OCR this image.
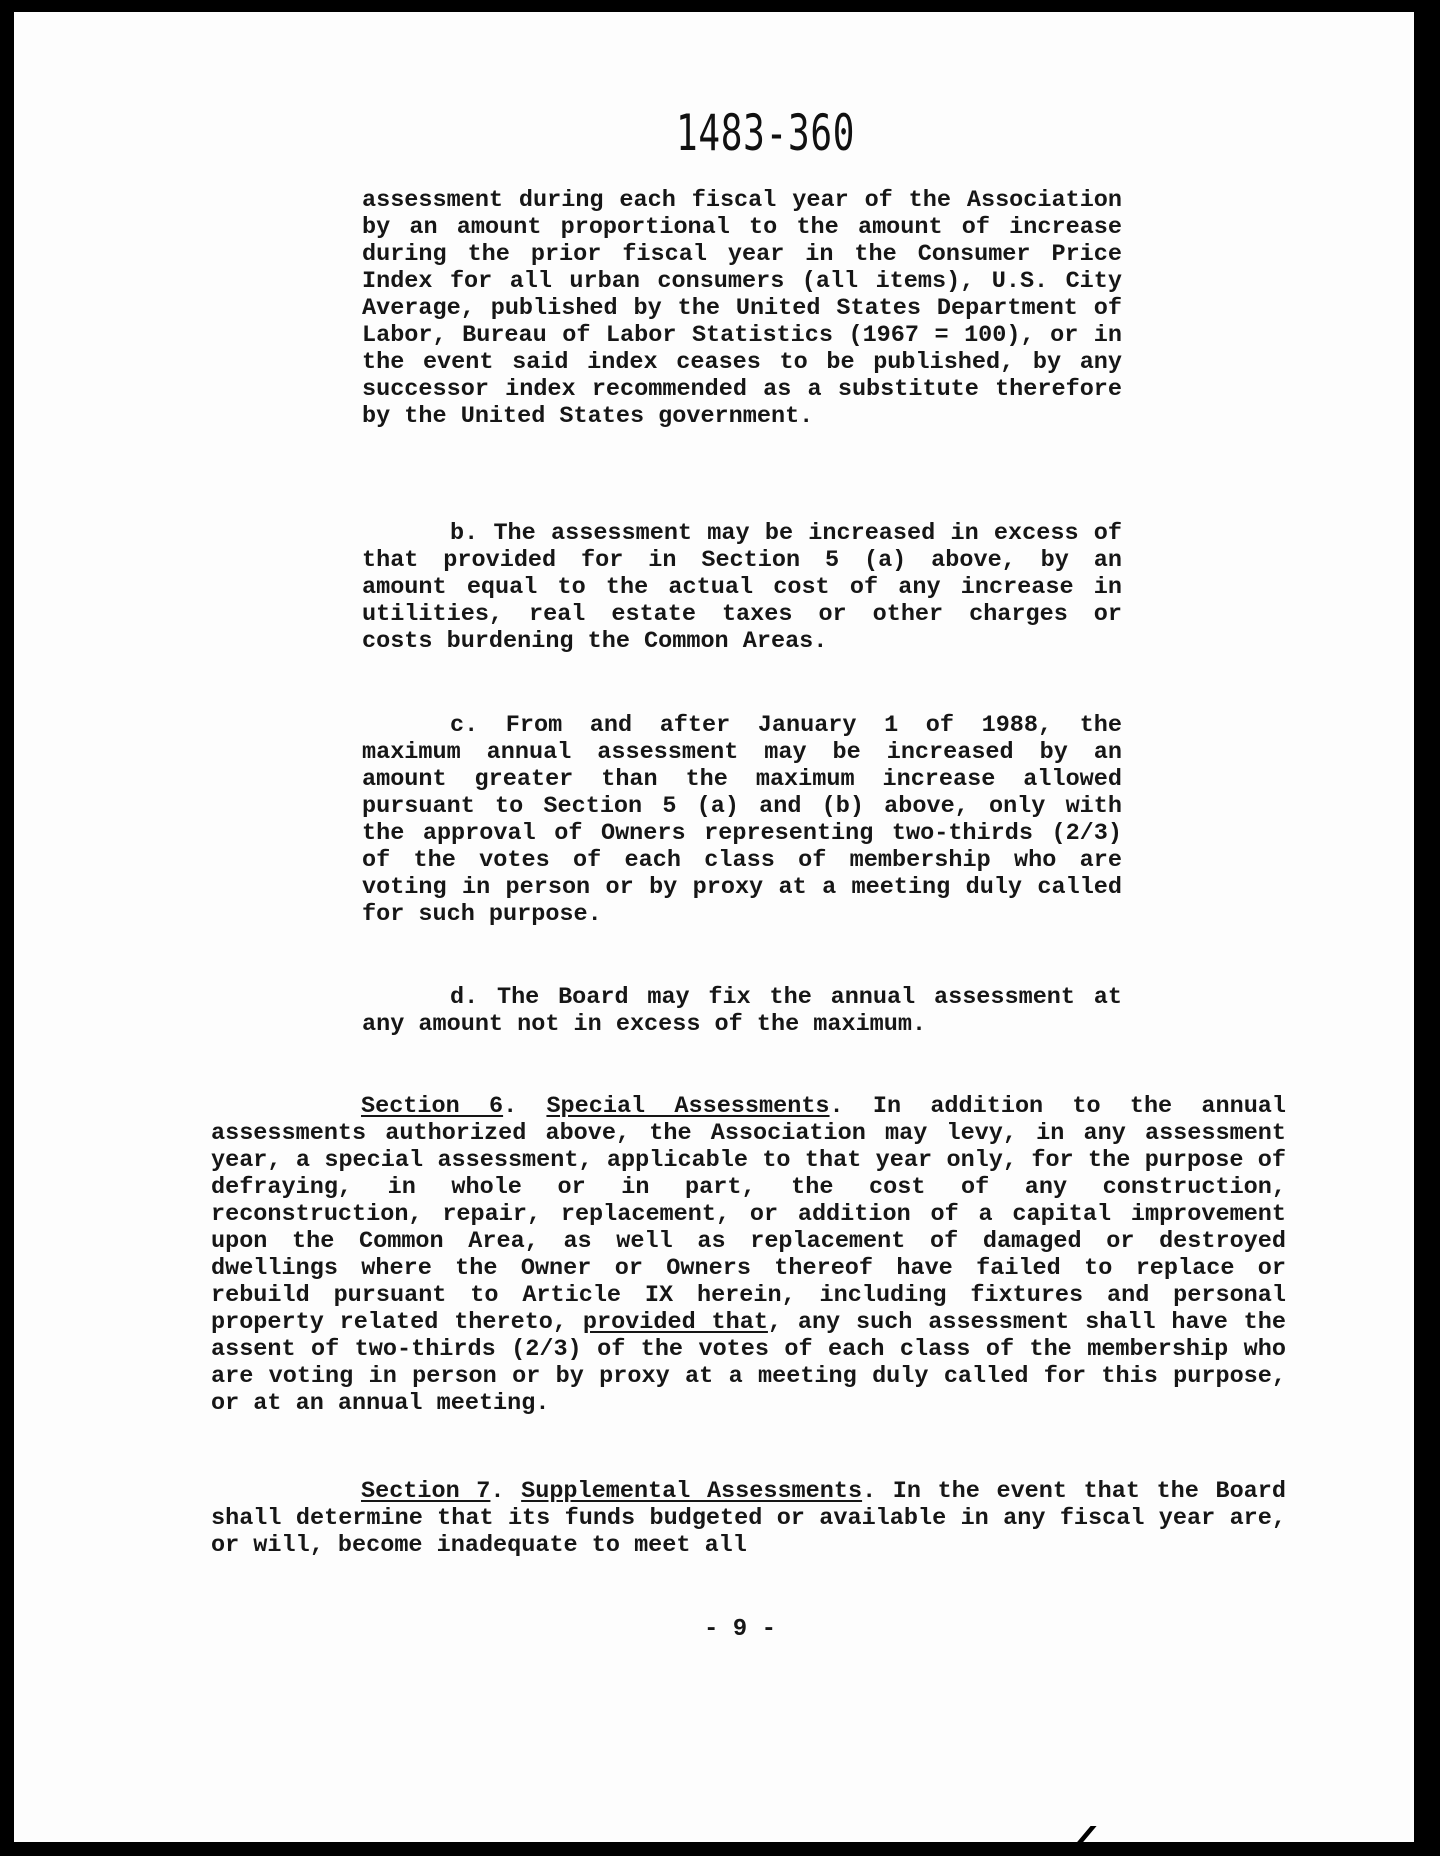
1483-360

assessment during each fiscal year of the Association by an amount proportional to the amount of increase during the prior fiscal year in the Consumer Price Index for all urban consumers (all items), U.S. City Average, published by the United States Department of Labor, Bureau of Labor Statistics (1967 = 100), or in the event said index ceases to be published, by any successor index recommended as a substitute therefore by the United States government.

b. The assessment may be increased in excess of that provided for in Section 5 (a) above, by an amount equal to the actual cost of any increase in utilities, real estate taxes or other charges or costs burdening the Common Areas.

c. From and after January 1 of 1988, the maximum annual assessment may be increased by an amount greater than the maximum increase allowed pursuant to Section 5 (a) and (b) above, only with the approval of Owners representing two-thirds (2/3) of the votes of each class of membership who are voting in person or by proxy at a meeting duly called for such purpose.

d. The Board may fix the annual assessment at any amount not in excess of the maximum.

Section 6. Special Assessments. In addition to the annual assessments authorized above, the Association may levy, in any assessment year, a special assessment, applicable to that year only, for the purpose of defraying, in whole or in part, the cost of any construction, reconstruction, repair, replacement, or addition of a capital improvement upon the Common Area, as well as replacement of damaged or destroyed dwellings where the Owner or Owners thereof have failed to replace or rebuild pursuant to Article IX herein, including fixtures and personal property related thereto, provided that, any such assessment shall have the assent of two-thirds (2/3) of the votes of each class of the membership who are voting in person or by proxy at a meeting duly called for this purpose, or at an annual meeting.

Section 7. Supplemental Assessments. In the event that the Board shall determine that its funds budgeted or available in any fiscal year are, or will, become inadequate to meet all

- 9 -
